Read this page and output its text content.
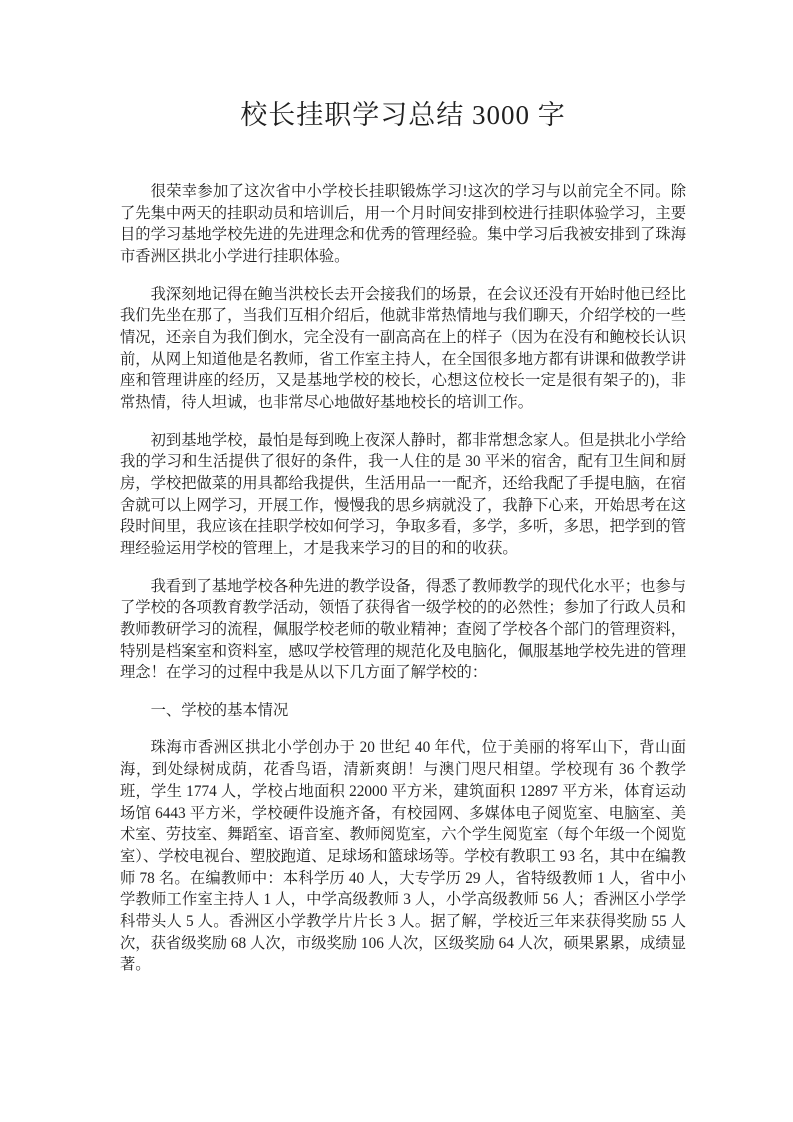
校长挂职学习总结 3000 字

很荣幸参加了这次省中小学校长挂职锻炼学习!这次的学习与以前完全不同。除了先集中两天的挂职动员和培训后，用一个月时间安排到校进行挂职体验学习，主要目的学习基地学校先进的先进理念和优秀的管理经验。集中学习后我被安排到了珠海市香洲区拱北小学进行挂职体验。

我深刻地记得在鲍当洪校长去开会接我们的场景，在会议还没有开始时他已经比我们先坐在那了，当我们互相介绍后，他就非常热情地与我们聊天，介绍学校的一些情况，还亲自为我们倒水，完全没有一副高高在上的样子（因为在没有和鲍校长认识前，从网上知道他是名教师，省工作室主持人，在全国很多地方都有讲课和做教学讲座和管理讲座的经历，又是基地学校的校长，心想这位校长一定是很有架子的)，非常热情，待人坦诚，也非常尽心地做好基地校长的培训工作。

初到基地学校，最怕是每到晚上夜深人静时，都非常想念家人。但是拱北小学给我的学习和生活提供了很好的条件，我一人住的是 30 平米的宿舍，配有卫生间和厨房，学校把做菜的用具都给我提供，生活用品一一配齐，还给我配了手提电脑，在宿舍就可以上网学习，开展工作，慢慢我的思乡病就没了，我静下心来，开始思考在这段时间里，我应该在挂职学校如何学习，争取多看，多学，多听，多思，把学到的管理经验运用学校的管理上，才是我来学习的目的和的收获。

我看到了基地学校各种先进的教学设备，得悉了教师教学的现代化水平；也参与了学校的各项教育教学活动，领悟了获得省一级学校的的必然性；参加了行政人员和教师教研学习的流程，佩服学校老师的敬业精神；查阅了学校各个部门的管理资料，特别是档案室和资料室，感叹学校管理的规范化及电脑化，佩服基地学校先进的管理理念！在学习的过程中我是从以下几方面了解学校的：

一、学校的基本情况

珠海市香洲区拱北小学创办于 20 世纪 40 年代，位于美丽的将军山下，背山面海，到处绿树成荫，花香鸟语，清新爽朗！与澳门咫尺相望。学校现有 36 个教学班，学生 1774 人，学校占地面积 22000 平方米，建筑面积 12897 平方米，体育运动场馆 6443 平方米，学校硬件设施齐备，有校园网、多媒体电子阅览室、电脑室、美术室、劳技室、舞蹈室、语音室、教师阅览室，六个学生阅览室（每个年级一个阅览室）、学校电视台、塑胶跑道、足球场和篮球场等。学校有教职工 93 名，其中在编教师 78 名。在编教师中：本科学历 40 人，大专学历 29 人，省特级教师 1 人，省中小学教师工作室主持人 1 人，中学高级教师 3 人，小学高级教师 56 人；香洲区小学学科带头人 5 人。香洲区小学教学片片长 3 人。据了解，学校近三年来获得奖励 55 人次，获省级奖励 68 人次，市级奖励 106 人次，区级奖励 64 人次，硕果累累，成绩显著。
